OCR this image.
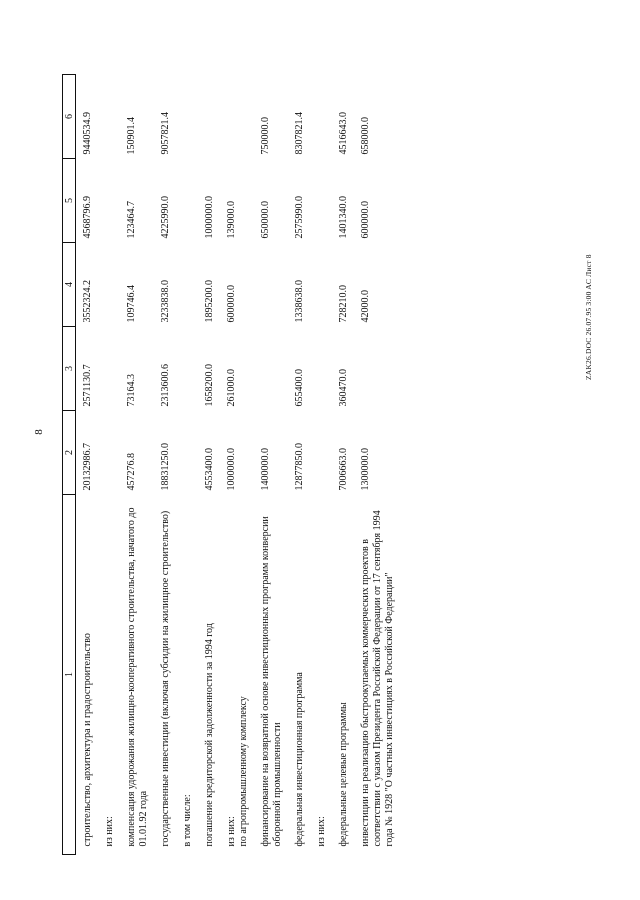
8
ZAK26.DOC 26.07.95 3:00 AC Лист 8
1	2	3	4	5	6
строительство, архитектура и градостроительство	20132986.7	2571130.7	3552324.2	4568796.9	9440534.9
из них:					
компенсация удорожания жилищно-кооперативного строительства, начатого до 01.01.92 года	457276.8	73164.3	109746.4	123464.7	150901.4
государственные инвестиции (включая субсидии на жилищное строительство)	18831250.0	2313600.6	3233838.0	4225990.0	9057821.4
в том числе:					
погашение кредиторской задолженности за 1994 год	4553400.0	1658200.0	1895200.0	1000000.0	
из них:
по агропромышленному комплексу	1000000.0	261000.0	600000.0	139000.0	
финансирование на возвратной основе инвестиционных программ конверсии оборонной промышленности	1400000.0			650000.0	750000.0
федеральная инвестиционная программа	12877850.0	655400.0	1338638.0	2575990.0	8307821.4
из них:					
федеральные целевые программы	7006663.0	360470.0	728210.0	1401340.0	4516643.0
инвестиции на реализацию быстроокупаемых коммерческих проектов в соответствии с указом Президента Российской Федерации от 17 сентября 1994 года № 1928 "О частных инвестициях в Российской Федерации"	1300000.0		42000.0	600000.0	658000.0
